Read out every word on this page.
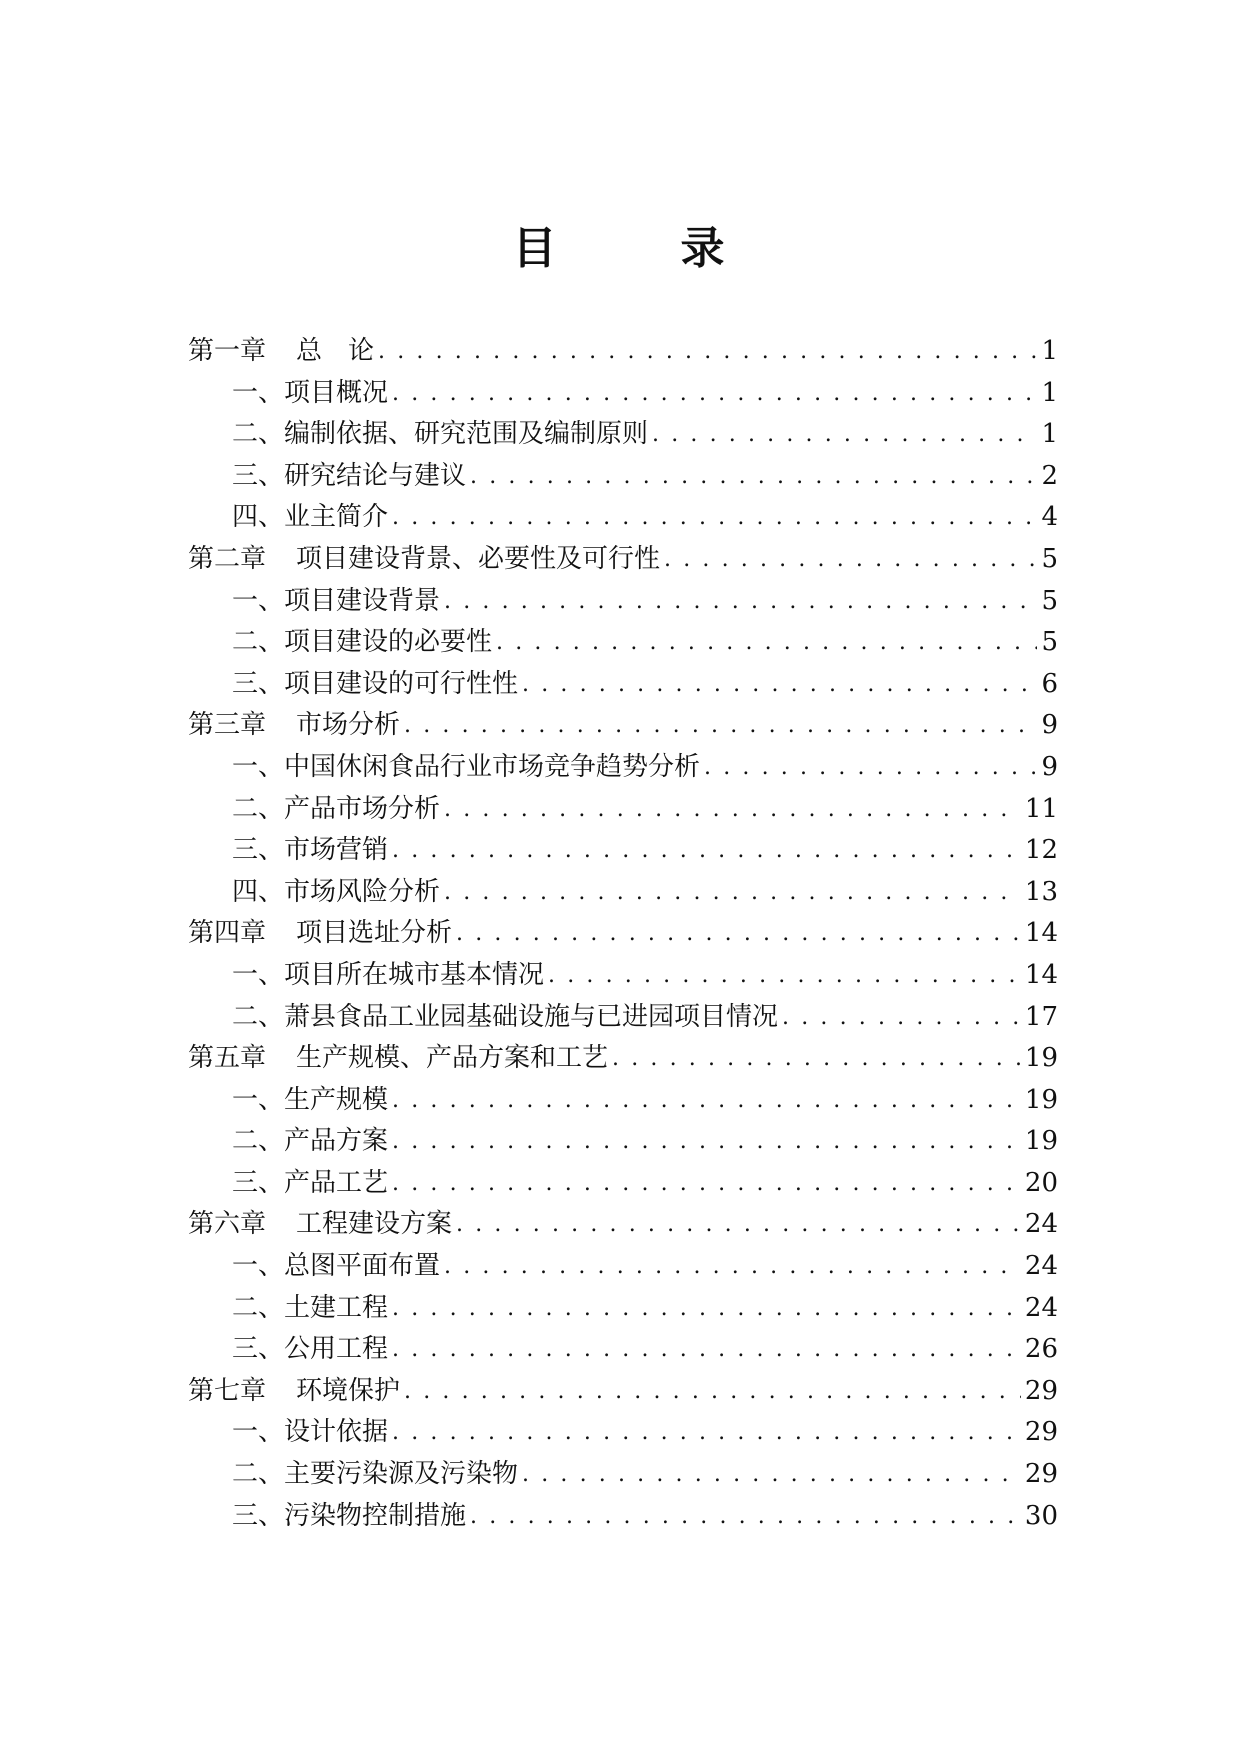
目	录
第一章 总　论 . . .	1
一、项目概况 . . .	1
二、编制依据、研究范围及编制原则 . . .	1
三、研究结论与建议 . . .	2
四、业主简介 . . .	4
第二章 项目建设背景、必要性及可行性 . . .	5
一、项目建设背景 . . .	5
二、项目建设的必要性 . . .	5
三、项目建设的可行性性 . . .	6
第三章 市场分析 . . .	9
一、中国休闲食品行业市场竞争趋势分析 . . .	9
二、产品市场分析 . . .	11
三、市场营销 . . .	12
四、市场风险分析 . . .	13
第四章 项目选址分析 . . .	14
一、项目所在城市基本情况 . . .	14
二、萧县食品工业园基础设施与已进园项目情况 . . .	17
第五章 生产规模、产品方案和工艺 . . .	19
一、生产规模 . . .	19
二、产品方案 . . .	19
三、产品工艺 . . .	20
第六章 工程建设方案 . . .	24
一、总图平面布置 . . .	24
二、土建工程 . . .	24
三、公用工程 . . .	26
第七章 环境保护 . . .	29
一、设计依据 . . .	29
二、主要污染源及污染物 . . .	29
三、污染物控制措施 . . .	30
